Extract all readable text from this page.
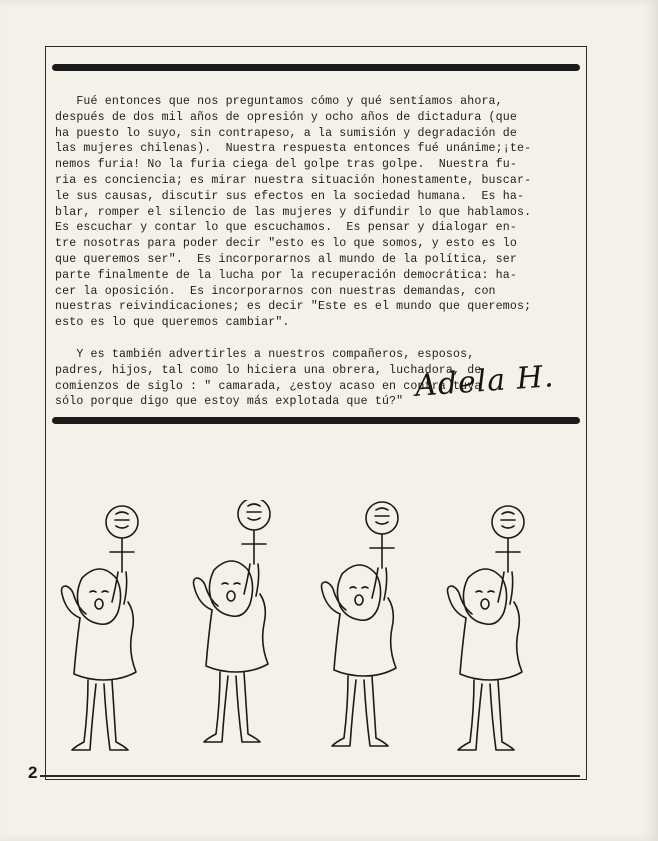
Fué entonces que nos preguntamos cómo y qué sentíamos ahora,
después de dos mil años de opresión y ocho años de dictadura (que
ha puesto lo suyo, sin contrapeso, a la sumisión y degradación de
las mujeres chilenas).  Nuestra respuesta entonces fué unánime;¡te-
nemos furia! No la furia ciega del golpe tras golpe.  Nuestra fu-
ria es conciencia; es mirar nuestra situación honestamente, buscar-
le sus causas, discutir sus efectos en la sociedad humana.  Es ha-
blar, romper el silencio de las mujeres y difundir lo que hablamos.
Es escuchar y contar lo que escuchamos.  Es pensar y dialogar en-
tre nosotras para poder decir "esto es lo que somos, y esto es lo
que queremos ser".  Es incorporarnos al mundo de la política, ser
parte finalmente de la lucha por la recuperación democrática: ha-
cer la oposición.  Es incorporarnos con nuestras demandas, con
nuestras reivindicaciones; es decir "Este es el mundo que queremos;
esto es lo que queremos cambiar".

Y es también advertirles a nuestros compañeros, esposos,
padres, hijos, tal como lo hiciera una obrera, luchadora, de
comienzos de siglo : " camarada, ¿estoy acaso en contra tuya
sólo porque digo que estoy más explotada que tú?" Adela H.
2
